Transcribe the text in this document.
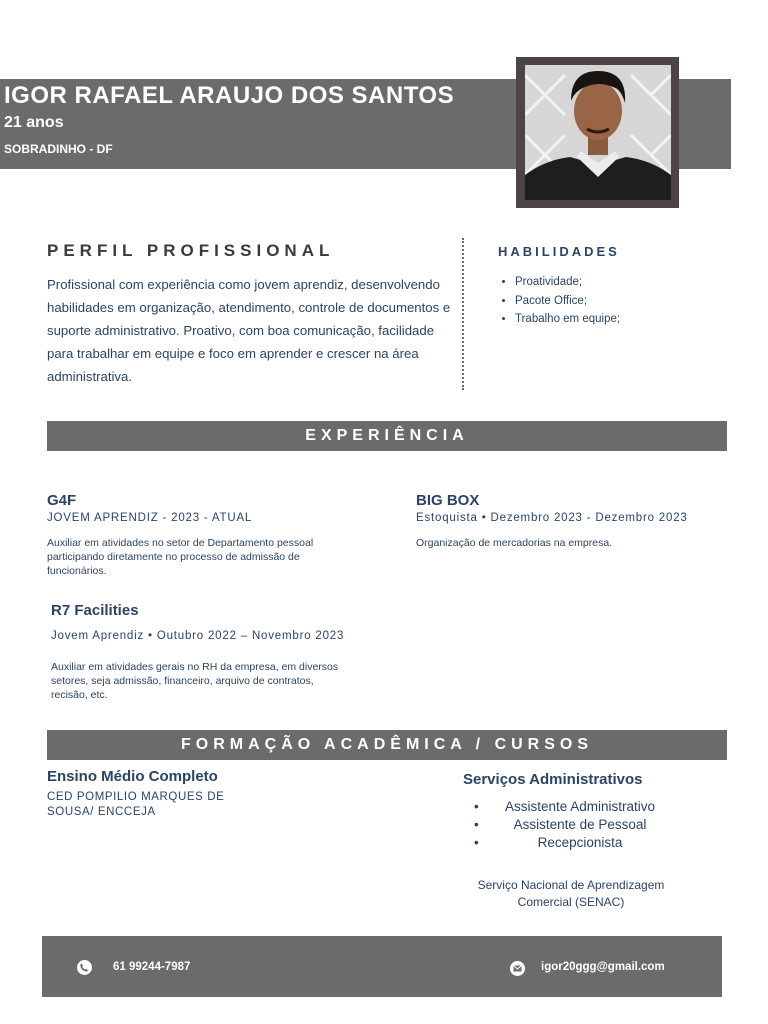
IGOR RAFAEL ARAUJO DOS SANTOS
21 anos
SOBRADINHO - DF
PERFIL PROFISSIONAL
Profissional com experiência como jovem aprendiz, desenvolvendo habilidades em organização, atendimento, controle de documentos e suporte administrativo. Proativo, com boa comunicação, facilidade para trabalhar em equipe e foco em aprender e crescer na área administrativa.
HABILIDADES
• Proatividade;
• Pacote Office;
• Trabalho em equipe;
EXPERIÊNCIA
G4F
JOVEM APRENDIZ - 2023 - ATUAL
Auxiliar em atividades no setor de Departamento pessoal participando diretamente no processo de admissão de funcionários.
BIG BOX
Estoquista • Dezembro 2023 - Dezembro 2023
Organização de mercadorias na empresa.
R7 Facilities
Jovem Aprendiz • Outubro 2022 – Novembro 2023
Auxiliar em atividades gerais no RH da empresa, em diversos setores, seja admissão, financeiro, arquivo de contratos, recisão, etc.
FORMAÇÃO ACADÊMICA / CURSOS
Ensino Médio Completo
CED POMPILIO MARQUES DE SOUSA/ ENCCEJA
Serviços Administrativos
• Assistente Administrativo
• Assistente de Pessoal
• Recepcionista
Serviço Nacional de Aprendizagem Comercial (SENAC)
61 99244-7987	igor20ggg@gmail.com
